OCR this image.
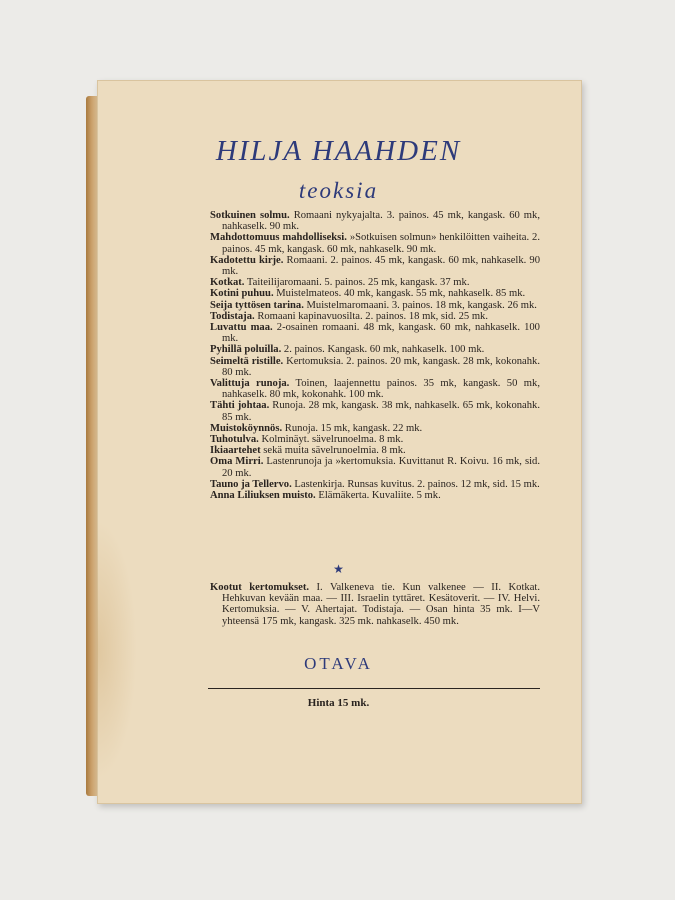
HILJA HAAHDEN
teoksia

Sotkuinen solmu. Romaani nykyajalta. 3. painos. 45 mk, kangask. 60 mk, nahkaselk. 90 mk.

Mahdottomuus mahdolliseksi. »Sotkuisen solmun» henkilöitten vaiheita. 2. painos. 45 mk, kangask. 60 mk, nahkaselk. 90 mk.

Kadotettu kirje. Romaani. 2. painos. 45 mk, kangask. 60 mk, nahkaselk. 90 mk.

Kotkat. Taiteilijaromaani. 5. painos. 25 mk, kangask. 37 mk.

Kotini puhuu. Muistelmateos. 40 mk, kangask. 55 mk, nahkaselk. 85 mk.

Seija tyttösen tarina. Muistelmaromaani. 3. painos. 18 mk, kangask. 26 mk.

Todistaja. Romaani kapinavuosilta. 2. painos. 18 mk, sid. 25 mk.

Luvattu maa. 2-osainen romaani. 48 mk, kangask. 60 mk, nahkaselk. 100 mk.

Pyhillä poluilla. 2. painos. Kangask. 60 mk, nahkaselk. 100 mk.

Seimeltä ristille. Kertomuksia. 2. painos. 20 mk, kangask. 28 mk, kokonahk. 80 mk.

Valittuja runoja. Toinen, laajennettu painos. 35 mk, kangask. 50 mk, nahkaselk. 80 mk, kokonahk. 100 mk.

Tähti johtaa. Runoja. 28 mk, kangask. 38 mk, nahkaselk. 65 mk, kokonahk. 85 mk.

Muistoköynnös. Runoja. 15 mk, kangask. 22 mk.

Tuhotulva. Kolminäyt. sävelrunoelma. 8 mk.

Ikiaartehet sekä muita sävelrunoelmia. 8 mk.

Oma Mirri. Lastenrunoja ja »kertomuksia. Kuvittanut R. Koivu. 16 mk, sid. 20 mk.

Tauno ja Tellervo. Lastenkirja. Runsas kuvitus. 2. painos. 12 mk, sid. 15 mk.

Anna Liliuksen muisto. Elämäkerta. Kuvaliite. 5 mk.

★

Kootut kertomukset. I. Valkeneva tie. Kun valkenee — II. Kotkat. Hehkuvan kevään maa. — III. Israelin tyttäret. Kesätoverit. — IV. Helvi. Kertomuksia. — V. Ahertajat. Todistaja. — Osan hinta 35 mk. I—V yhteensä 175 mk, kangask. 325 mk. nahkaselk. 450 mk.

OTAVA
Hinta 15 mk.
